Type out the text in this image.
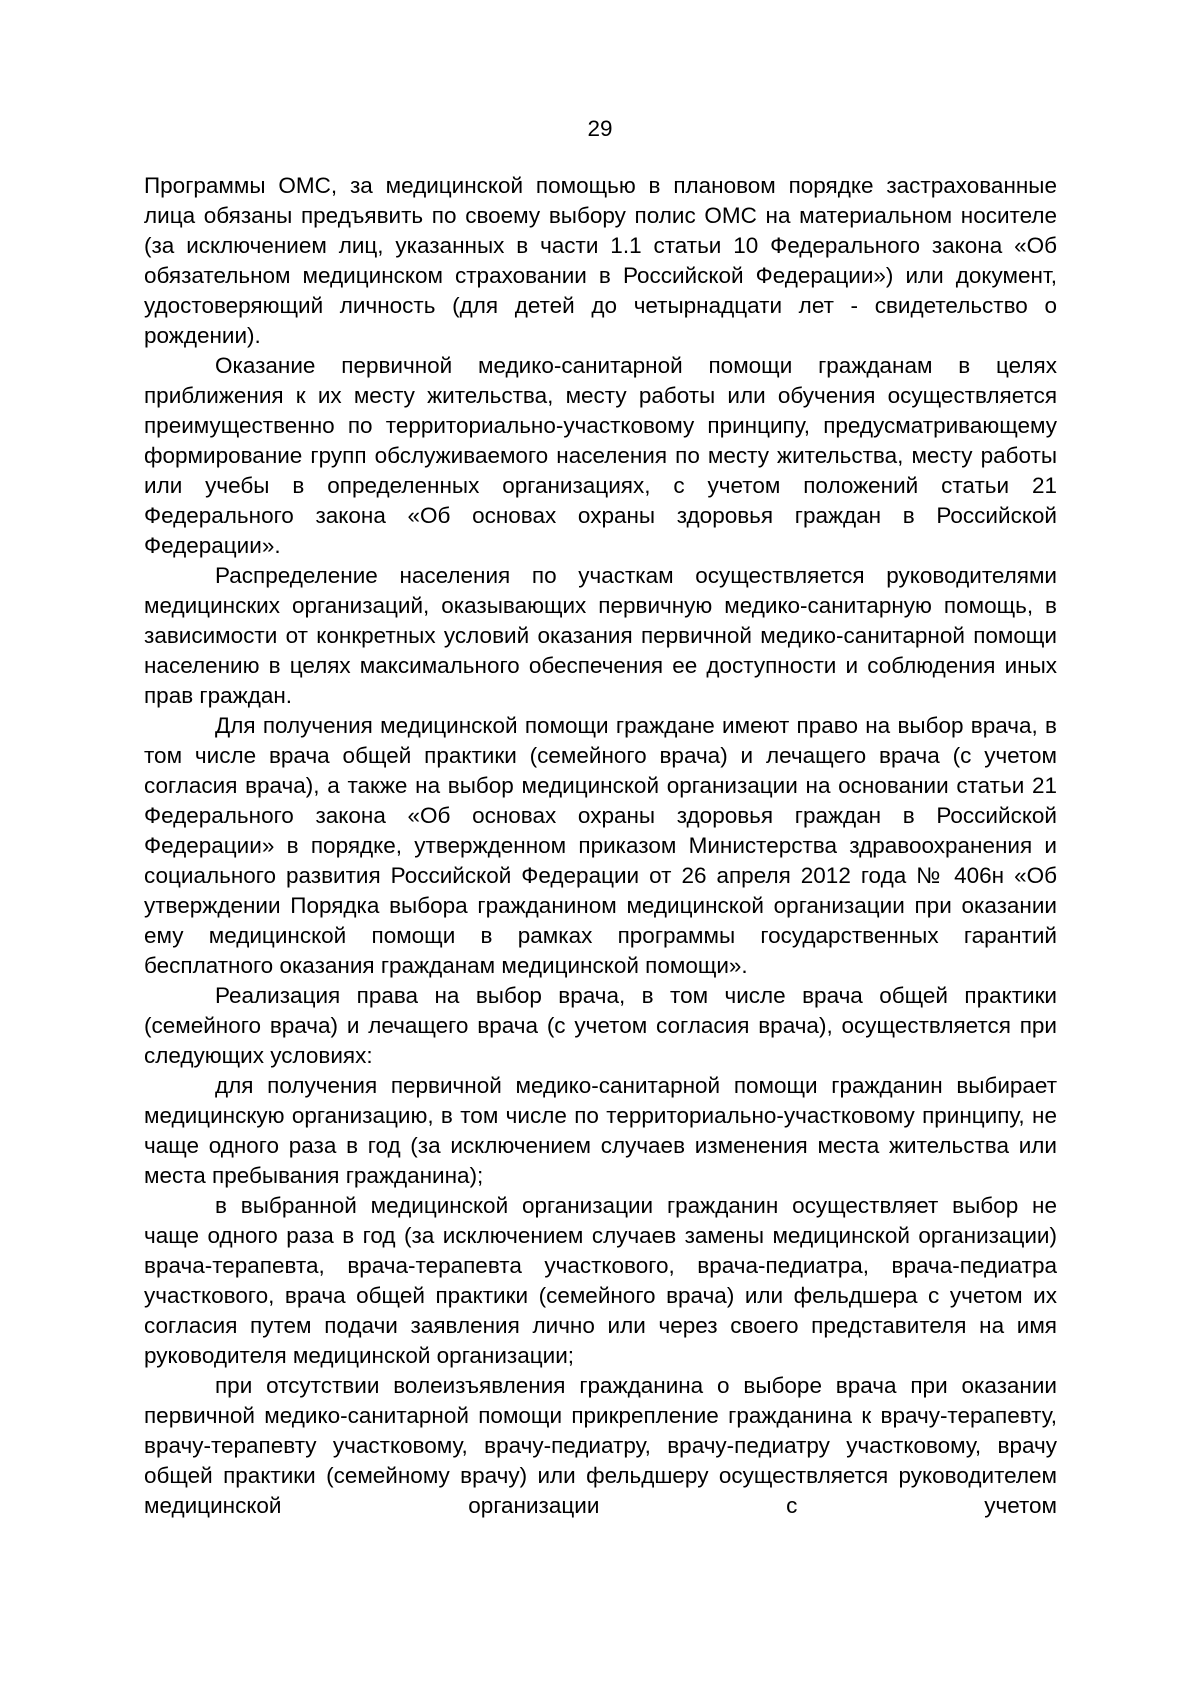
29

Программы ОМС, за медицинской помощью в плановом порядке застрахованные лица обязаны предъявить по своему выбору полис ОМС на материальном носителе (за исключением лиц, указанных в части 1.1 статьи 10 Федерального закона «Об обязательном медицинском страховании в Российской Федерации») или документ, удостоверяющий личность (для детей до четырнадцати лет - свидетельство о рождении).

Оказание первичной медико-санитарной помощи гражданам в целях приближения к их месту жительства, месту работы или обучения осуществляется преимущественно по территориально-участковому принципу, предусматривающему формирование групп обслуживаемого населения по месту жительства, месту работы или учебы в определенных организациях, с учетом положений статьи 21 Федерального закона «Об основах охраны здоровья граждан в Российской Федерации».

Распределение населения по участкам осуществляется руководителями медицинских организаций, оказывающих первичную медико-санитарную помощь, в зависимости от конкретных условий оказания первичной медико-санитарной помощи населению в целях максимального обеспечения ее доступности и соблюдения иных прав граждан.

Для получения медицинской помощи граждане имеют право на выбор врача, в том числе врача общей практики (семейного врача) и лечащего врача (с учетом согласия врача), а также на выбор медицинской организации на основании статьи 21 Федерального закона «Об основах охраны здоровья граждан в Российской Федерации» в порядке, утвержденном приказом Министерства здравоохранения и социального развития Российской Федерации от 26 апреля 2012 года № 406н «Об утверждении Порядка выбора гражданином медицинской организации при оказании ему медицинской помощи в рамках программы государственных гарантий бесплатного оказания гражданам медицинской помощи».

Реализация права на выбор врача, в том числе врача общей практики (семейного врача) и лечащего врача (с учетом согласия врача), осуществляется при следующих условиях:

для получения первичной медико-санитарной помощи гражданин выбирает медицинскую организацию, в том числе по территориально-участковому принципу, не чаще одного раза в год (за исключением случаев изменения места жительства или места пребывания гражданина);

в выбранной медицинской организации гражданин осуществляет выбор не чаще одного раза в год (за исключением случаев замены медицинской организации) врача-терапевта, врача-терапевта участкового, врача-педиатра, врача-педиатра участкового, врача общей практики (семейного врача) или фельдшера с учетом их согласия путем подачи заявления лично или через своего представителя на имя руководителя медицинской организации;

при отсутствии волеизъявления гражданина о выборе врача при оказании первичной медико-санитарной помощи прикрепление гражданина к врачу-терапевту, врачу-терапевту участковому, врачу-педиатру, врачу-педиатру участковому, врачу общей практики (семейному врачу) или фельдшеру осуществляется руководителем медицинской организации с учетом
